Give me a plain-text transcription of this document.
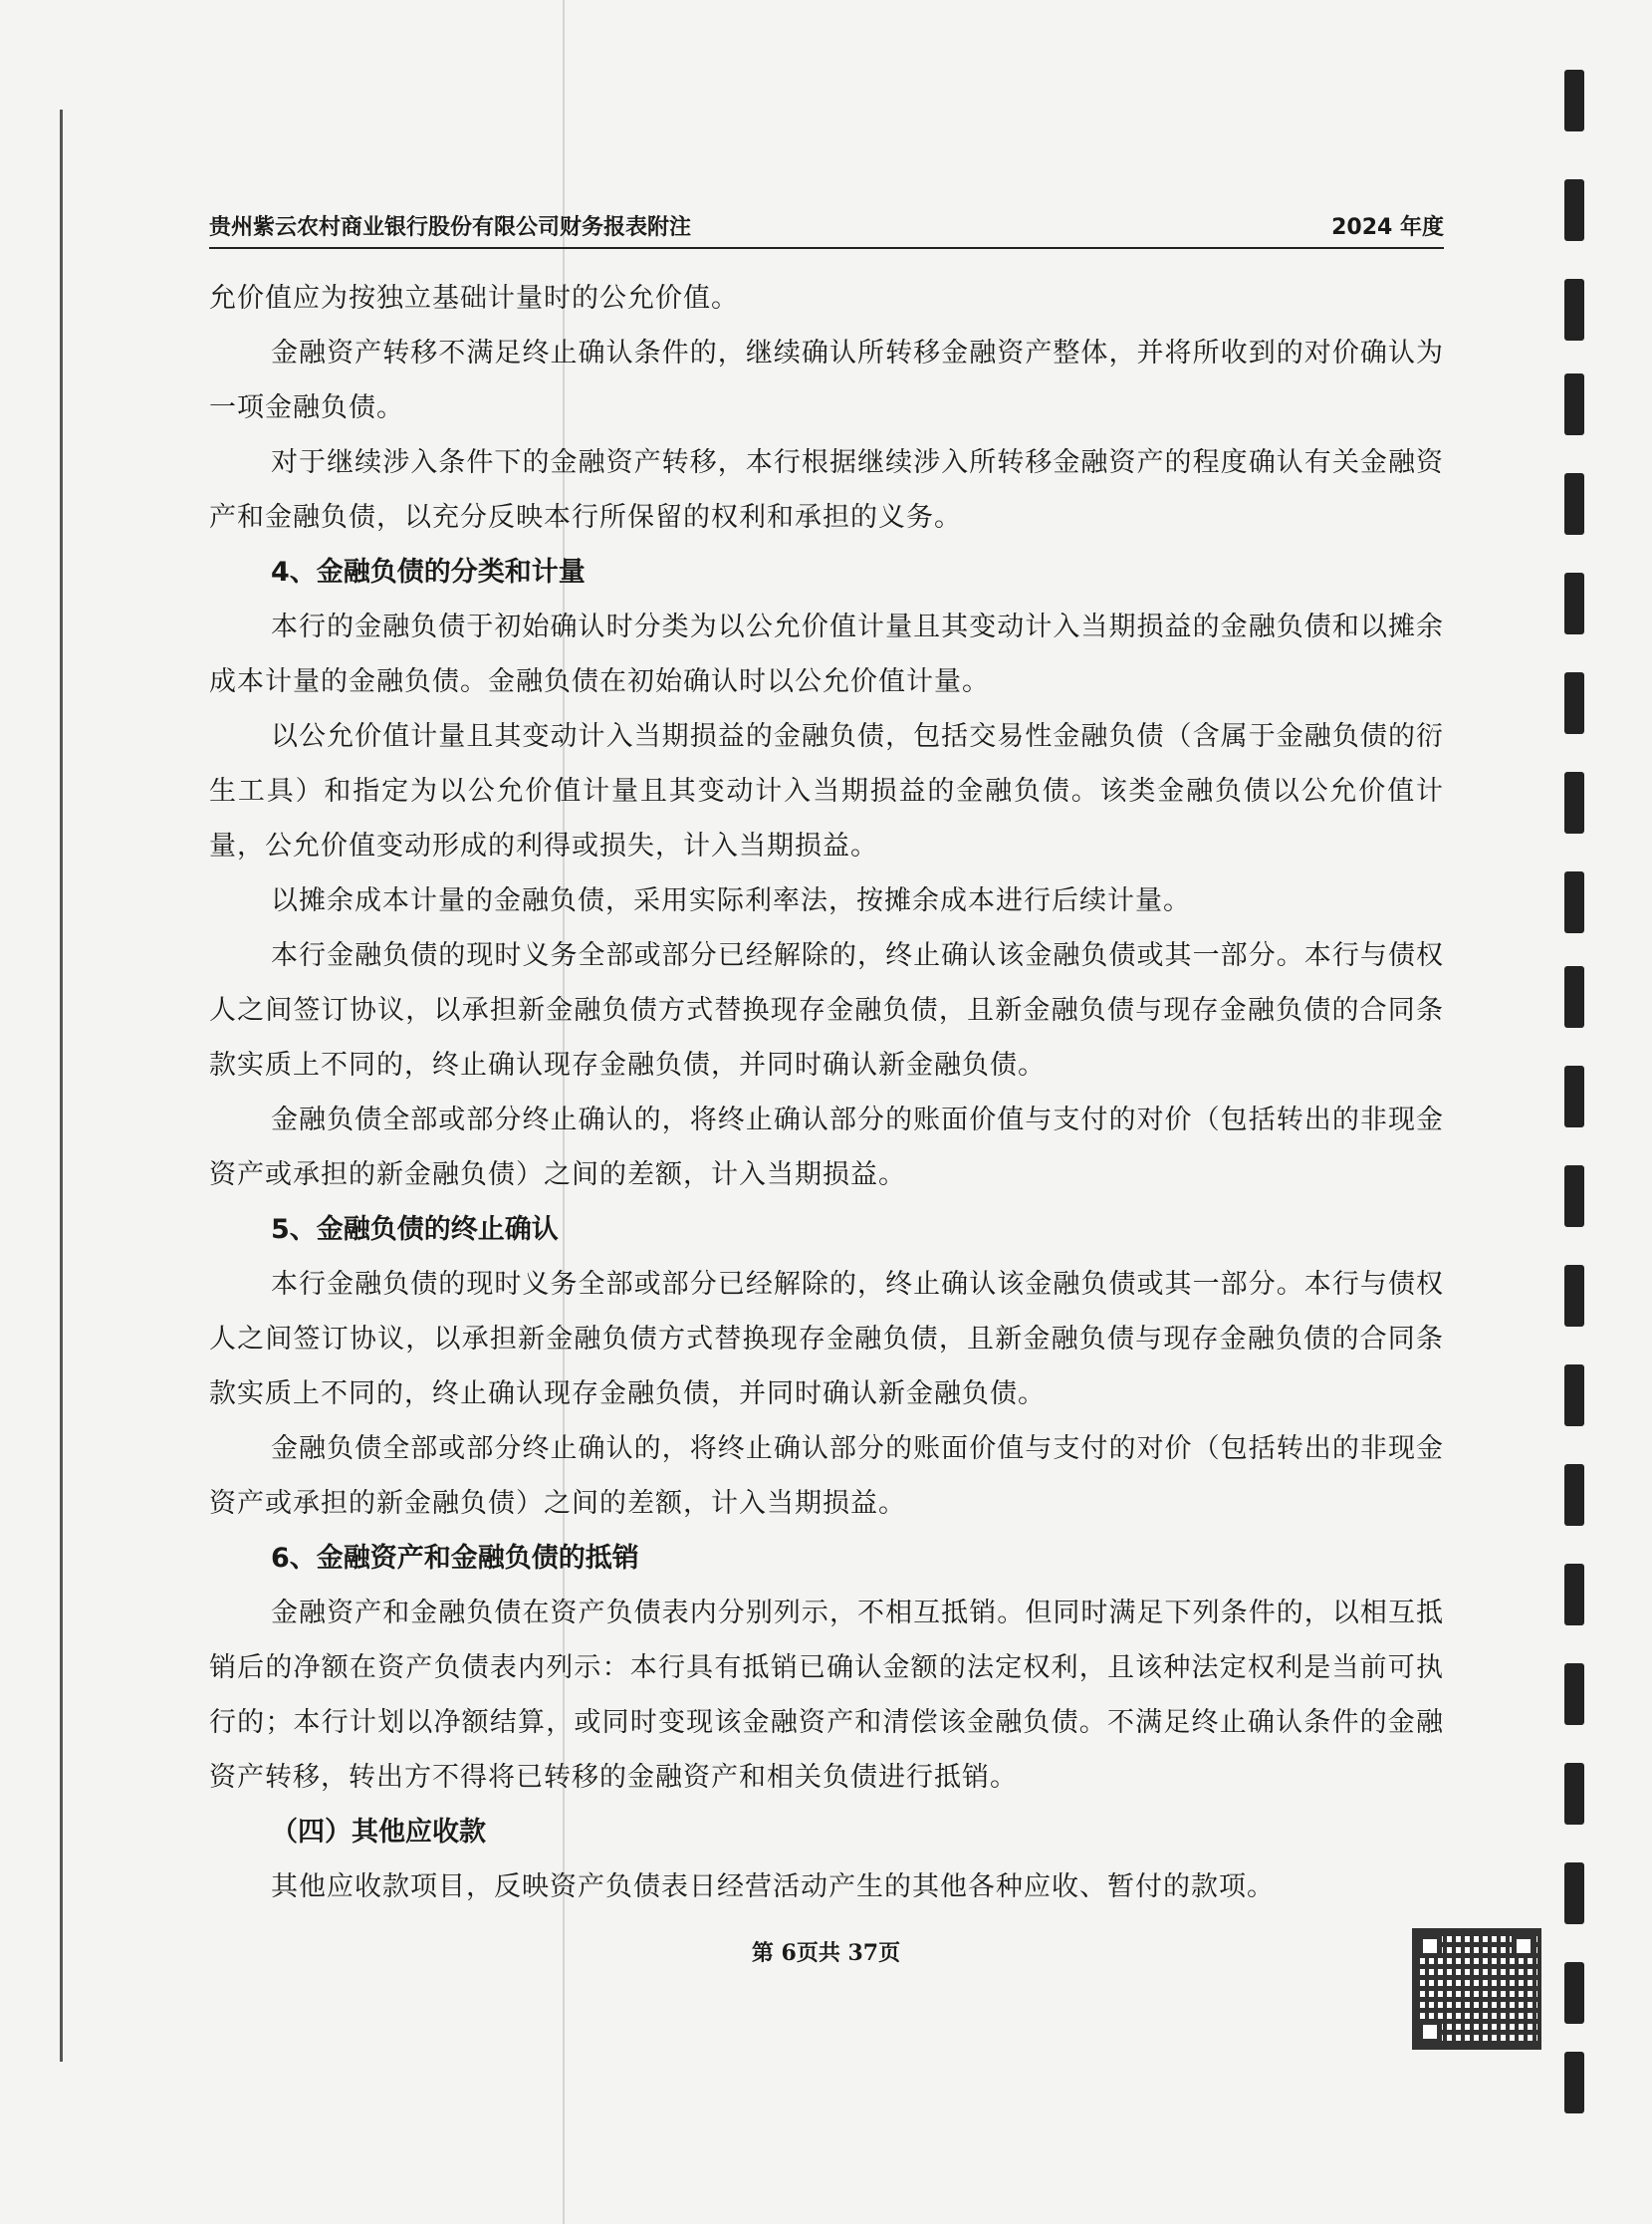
贵州紫云农村商业银行股份有限公司财务报表附注	2024 年度

允价值应为按独立基础计量时的公允价值。

金融资产转移不满足终止确认条件的，继续确认所转移金融资产整体，并将所收到的对价确认为一项金融负债。

对于继续涉入条件下的金融资产转移，本行根据继续涉入所转移金融资产的程度确认有关金融资产和金融负债，以充分反映本行所保留的权利和承担的义务。

4、金融负债的分类和计量

本行的金融负债于初始确认时分类为以公允价值计量且其变动计入当期损益的金融负债和以摊余成本计量的金融负债。金融负债在初始确认时以公允价值计量。

以公允价值计量且其变动计入当期损益的金融负债，包括交易性金融负债（含属于金融负债的衍生工具）和指定为以公允价值计量且其变动计入当期损益的金融负债。该类金融负债以公允价值计量，公允价值变动形成的利得或损失，计入当期损益。

以摊余成本计量的金融负债，采用实际利率法，按摊余成本进行后续计量。

本行金融负债的现时义务全部或部分已经解除的，终止确认该金融负债或其一部分。本行与债权人之间签订协议，以承担新金融负债方式替换现存金融负债，且新金融负债与现存金融负债的合同条款实质上不同的，终止确认现存金融负债，并同时确认新金融负债。

金融负债全部或部分终止确认的，将终止确认部分的账面价值与支付的对价（包括转出的非现金资产或承担的新金融负债）之间的差额，计入当期损益。

5、金融负债的终止确认

本行金融负债的现时义务全部或部分已经解除的，终止确认该金融负债或其一部分。本行与债权人之间签订协议，以承担新金融负债方式替换现存金融负债，且新金融负债与现存金融负债的合同条款实质上不同的，终止确认现存金融负债，并同时确认新金融负债。

金融负债全部或部分终止确认的，将终止确认部分的账面价值与支付的对价（包括转出的非现金资产或承担的新金融负债）之间的差额，计入当期损益。

6、金融资产和金融负债的抵销

金融资产和金融负债在资产负债表内分别列示，不相互抵销。但同时满足下列条件的，以相互抵销后的净额在资产负债表内列示：本行具有抵销已确认金额的法定权利，且该种法定权利是当前可执行的；本行计划以净额结算，或同时变现该金融资产和清偿该金融负债。不满足终止确认条件的金融资产转移，转出方不得将已转移的金融资产和相关负债进行抵销。

（四）其他应收款

其他应收款项目，反映资产负债表日经营活动产生的其他各种应收、暂付的款项。

第 6页共 37页
